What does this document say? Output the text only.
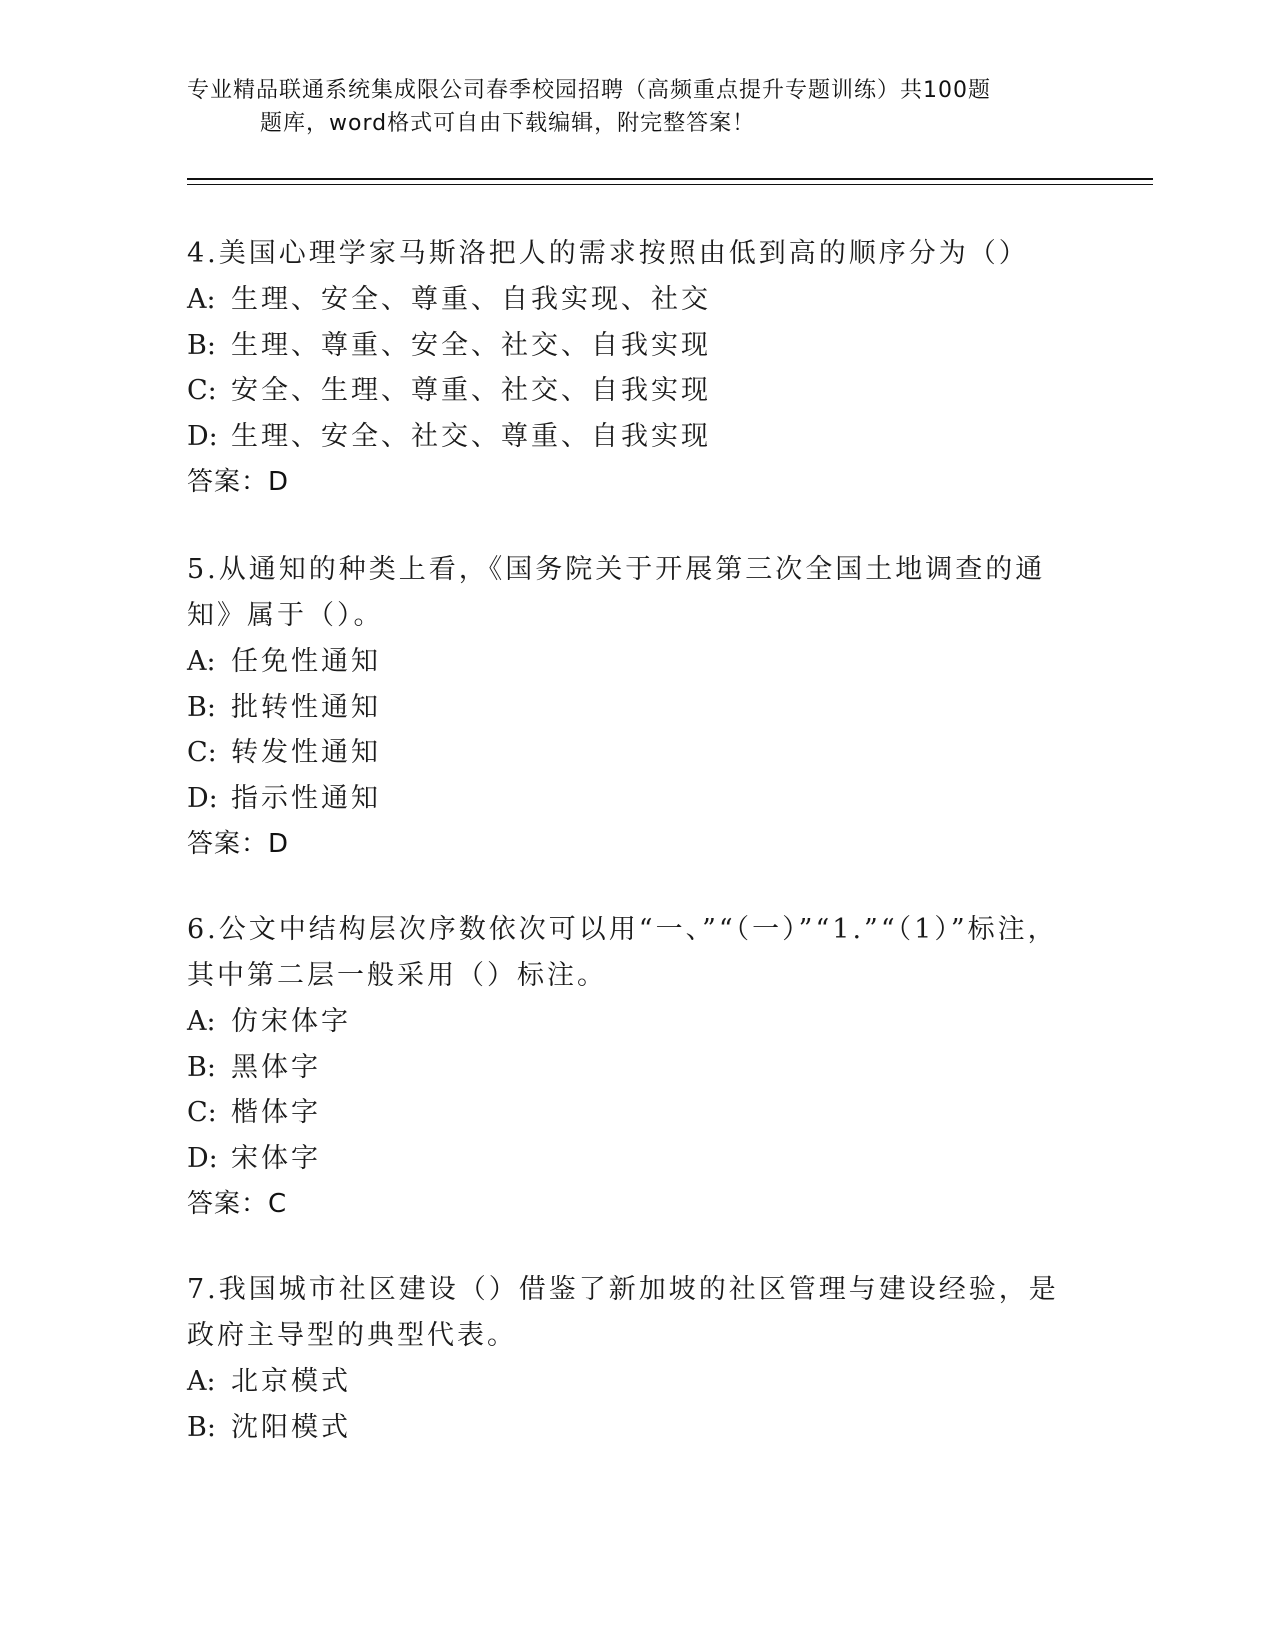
专业精品联通系统集成限公司春季校园招聘（高频重点提升专题训练）共100题
题库，word格式可自由下载编辑，附完整答案！
4.美国心理学家马斯洛把人的需求按照由低到高的顺序分为（）
A: 生理、安全、尊重、自我实现、社交
B: 生理、尊重、安全、社交、自我实现
C: 安全、生理、尊重、社交、自我实现
D: 生理、安全、社交、尊重、自我实现
答案：D
5.从通知的种类上看，《国务院关于开展第三次全国土地调查的通知》属于（）。
A: 任免性通知
B: 批转性通知
C: 转发性通知
D: 指示性通知
答案：D
6.公文中结构层次序数依次可以用“一、”“（一）”“1.”“（1）”标注，其中第二层一般采用（）标注。
A: 仿宋体字
B: 黑体字
C: 楷体字
D: 宋体字
答案：C
7.我国城市社区建设（）借鉴了新加坡的社区管理与建设经验，是政府主导型的典型代表。
A: 北京模式
B: 沈阳模式
